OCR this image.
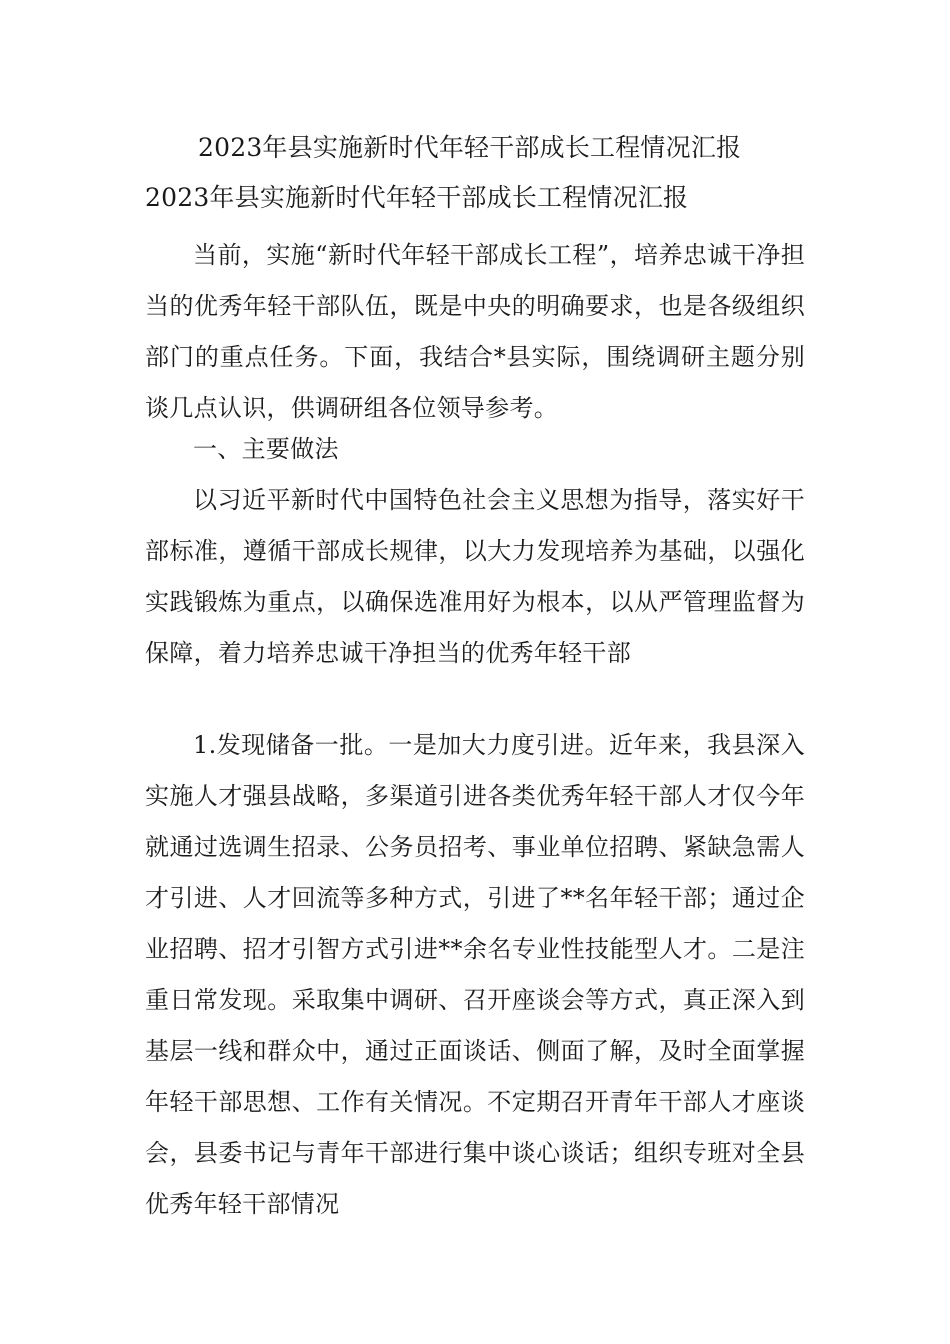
2023年县实施新时代年轻干部成长工程情况汇报
2023年县实施新时代年轻干部成长工程情况汇报

当前，实施“新时代年轻干部成长工程”，培养忠诚干净担当的优秀年轻干部队伍，既是中央的明确要求，也是各级组织部门的重点任务。下面，我结合*县实际，围绕调研主题分别谈几点认识，供调研组各位领导参考。

一、主要做法

以习近平新时代中国特色社会主义思想为指导，落实好干部标准，遵循干部成长规律，以大力发现培养为基础，以强化实践锻炼为重点，以确保选准用好为根本，以从严管理监督为保障，着力培养忠诚干净担当的优秀年轻干部

1.发现储备一批。一是加大力度引进。近年来，我县深入实施人才强县战略，多渠道引进各类优秀年轻干部人才仅今年就通过选调生招录、公务员招考、事业单位招聘、紧缺急需人才引进、人才回流等多种方式，引进了**名年轻干部；通过企业招聘、招才引智方式引进**余名专业性技能型人才。二是注重日常发现。采取集中调研、召开座谈会等方式，真正深入到基层一线和群众中，通过正面谈话、侧面了解，及时全面掌握年轻干部思想、工作有关情况。不定期召开青年干部人才座谈会，县委书记与青年干部进行集中谈心谈话；组织专班对全县优秀年轻干部情况
